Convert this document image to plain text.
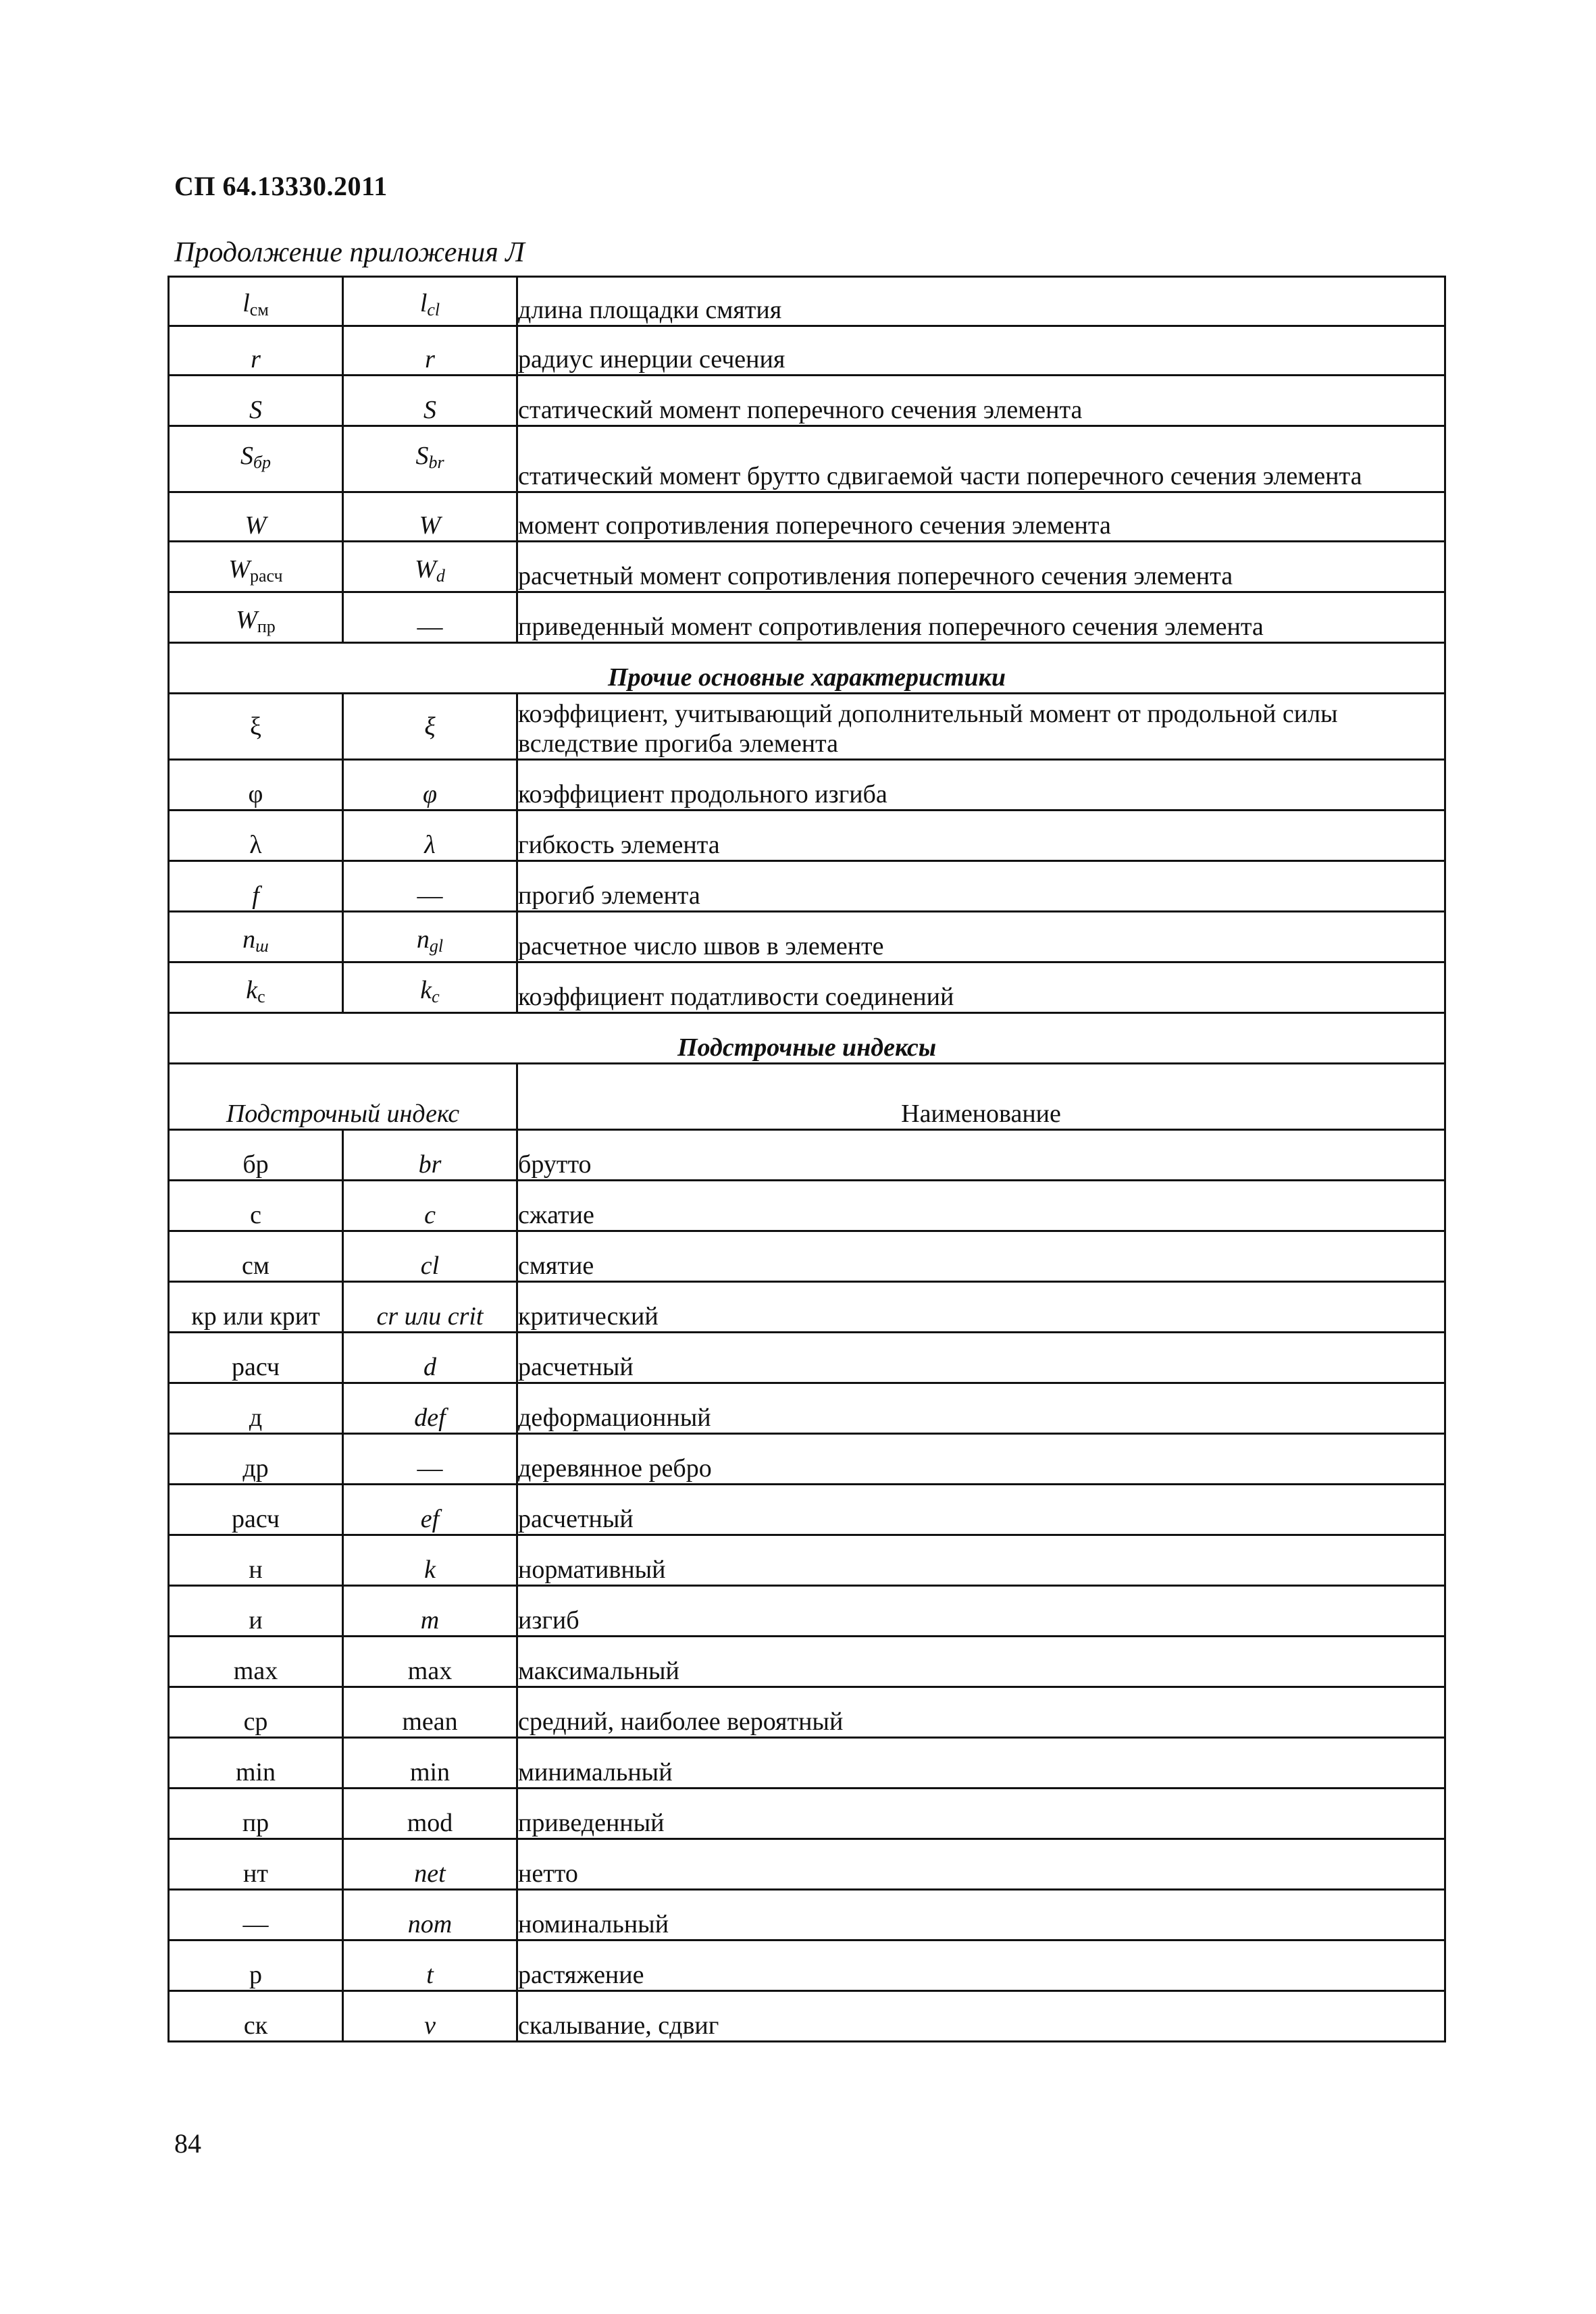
СП 64.13330.2011
Продолжение приложения Л
$l_{см}$	$l_{cl}$	длина площадки смятия
r	r	радиус инерции сечения
S	S	статический момент поперечного сечения элемента
$S_{бр}$	$S_{br}$	статический момент брутто сдвигаемой части поперечного сечения элемента
W	W	момент сопротивления поперечного сечения элемента
$W_{расч}$	$W_d$	расчетный момент сопротивления поперечного сечения элемента
$W_{пр}$	—	приведенный момент сопротивления поперечного сечения элемента
Прочие основные характеристики		
ξ	ξ	коэффициент, учитывающий дополнительный момент от продольной силы вследствие прогиба элемента
φ	φ	коэффициент продольного изгиба
λ	λ	гибкость элемента
f	—	прогиб элемента
$n_ш$	$n_{gl}$	расчетное число швов в элементе
$k_c$	$k_c$	коэффициент податливости соединений
Подстрочные индексы		
Подстрочный индекс		Наименование
бр	br	брутто
с	c	сжатие
см	cl	смятие
кр или крит	cr или crit	критический
расч	d	расчетный
д	def	деформационный
др	—	деревянное ребро
расч	ef	расчетный
н	k	нормативный
и	m	изгиб
max	max	максимальный
ср	mean	средний, наиболее вероятный
min	min	минимальный
пр	mod	приведенный
нт	net	нетто
—	nom	номинальный
р	t	растяжение
ск	v	скалывание, сдвиг
84
